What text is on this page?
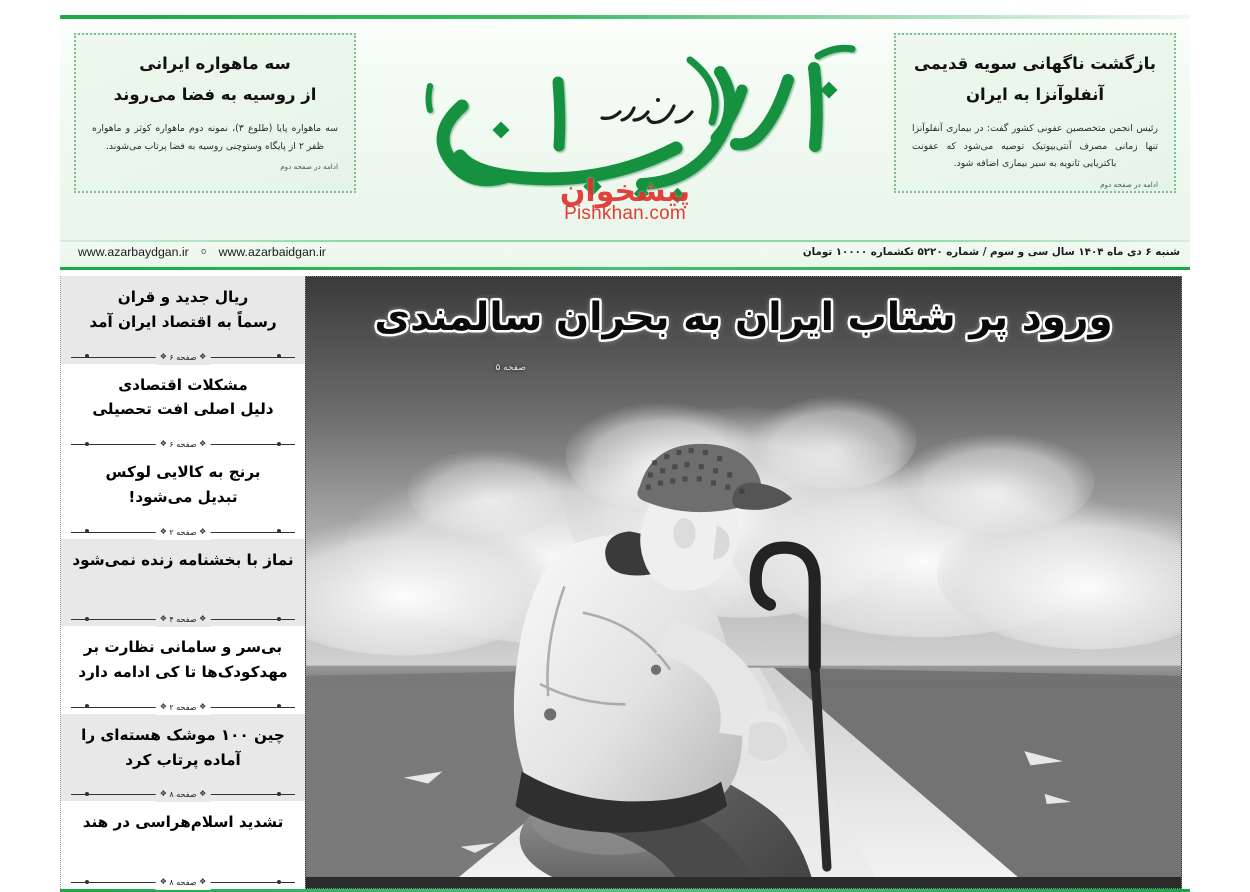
بازگشت ناگهانی سویه قدیمی
آنفلوآنزا به ایران
رئیس انجمن متخصصین عفونی کشور گفت: در بیماری آنفلوآنزا تنها زمانی مصرف آنتی‌بیوتیک توصیه می‌شود که عفونت باکتریایی ثانویه به سیر بیماری اضافه شود.
ادامه در صفحه دوم
سه ماهواره ایرانی
از روسیه به فضا می‌روند
سه ماهواره پایا (طلوع ۳)، نمونه دوم ماهواره کوثر و ماهواره ظفر ۲ از پایگاه وستوچنی روسیه به فضا پرتاب می‌شوند.
ادامه در صفحه دوم
پیشخوان
Pishkhan.com
شنبه ۶ دی ماه ۱۴۰۴ سال سی و سوم / شماره ۵۲۲۰ تکشماره ۱۰۰۰۰ تومان
www.azarbaydgan.ir o www.azarbaidgan.ir
ریال جدید و قران
رسماً به اقتصاد ایران آمد
❖ صفحه ۶ ❖
مشکلات اقتصادی
دلیل اصلی افت تحصیلی
❖ صفحه ۶ ❖
برنج به کالایی لوکس
تبدیل می‌شود!
❖ صفحه ۲ ❖
نماز با بخشنامه زنده نمی‌شود
❖ صفحه ۴ ❖
بی‌سر و سامانی نظارت بر
مهدکودک‌ها تا کی ادامه دارد
❖ صفحه ۲ ❖
چین ۱۰۰ موشک هسته‌ای را
آماده پرتاب کرد
❖ صفحه ۸ ❖
تشدید اسلام‌هراسی در هند
❖ صفحه ۸ ❖
ورود پر شتاب ایران به بحران سالمندی
صفحه ۵
